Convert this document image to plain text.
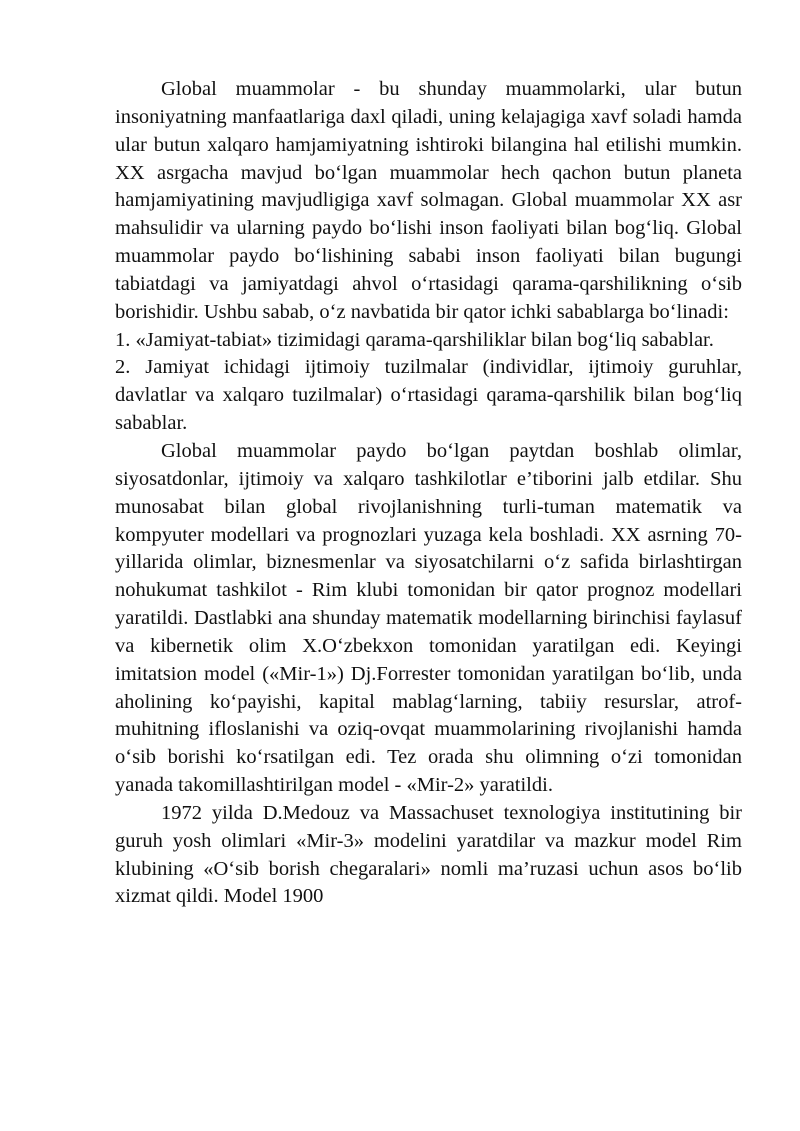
Global muammolar - bu shunday muammolarki, ular butun insoniyatning manfaatlariga daxl qiladi, uning kelajagiga xavf soladi hamda ular butun xalqaro hamjamiyatning ishtiroki bilangina hal etilishi mumkin. XX asrgacha mavjud bo‘lgan muammolar hech qachon butun planeta hamjamiyatining mavjudligiga xavf solmagan. Global muammolar XX asr mahsulidir va ularning paydo bo‘lishi inson faoliyati bilan bog‘liq. Global muammolar paydo bo‘lishining sababi inson faoliyati bilan bugungi tabiatdagi va jamiyatdagi ahvol o‘rtasidagi qarama-qarshilikning o‘sib borishidir. Ushbu sabab, o‘z navbatida bir qator ichki sabablarga bo‘linadi:

1. «Jamiyat-tabiat» tizimidagi qarama-qarshiliklar bilan bog‘liq sabablar.

2. Jamiyat ichidagi ijtimoiy tuzilmalar (individlar, ijtimoiy guruhlar, davlatlar va xalqaro tuzilmalar) o‘rtasidagi qarama-qarshilik bilan bog‘liq sabablar.

Global muammolar paydo bo‘lgan paytdan boshlab olimlar, siyosatdonlar, ijtimoiy va xalqaro tashkilotlar e’tiborini jalb etdilar. Shu munosabat bilan global rivojlanishning turli-tuman matematik va kompyuter modellari va prognozlari yuzaga kela boshladi. XX asrning 70-yillarida olimlar, biznesmenlar va siyosatchilarni o‘z safida birlashtirgan nohukumat tashkilot - Rim klubi tomonidan bir qator prognoz modellari yaratildi. Dastlabki ana shunday matematik modellarning birinchisi faylasuf va kibernetik olim X.O‘zbekxon tomonidan yaratilgan edi. Keyingi imitatsion model («Mir-1») Dj.Forrester tomonidan yaratilgan bo‘lib, unda aholining ko‘payishi, kapital mablag‘larning, tabiiy resurslar, atrof-muhitning ifloslanishi va oziq-ovqat muammolarining rivojlanishi hamda o‘sib borishi ko‘rsatilgan edi. Tez orada shu olimning o‘zi tomonidan yanada takomillashtirilgan model - «Mir-2» yaratildi.

1972 yilda D.Medouz va Massachuset texnologiya institutining bir guruh yosh olimlari «Mir-3» modelini yaratdilar va mazkur model Rim klubining «O‘sib borish chegaralari» nomli ma’ruzasi uchun asos bo‘lib xizmat qildi. Model 1900
